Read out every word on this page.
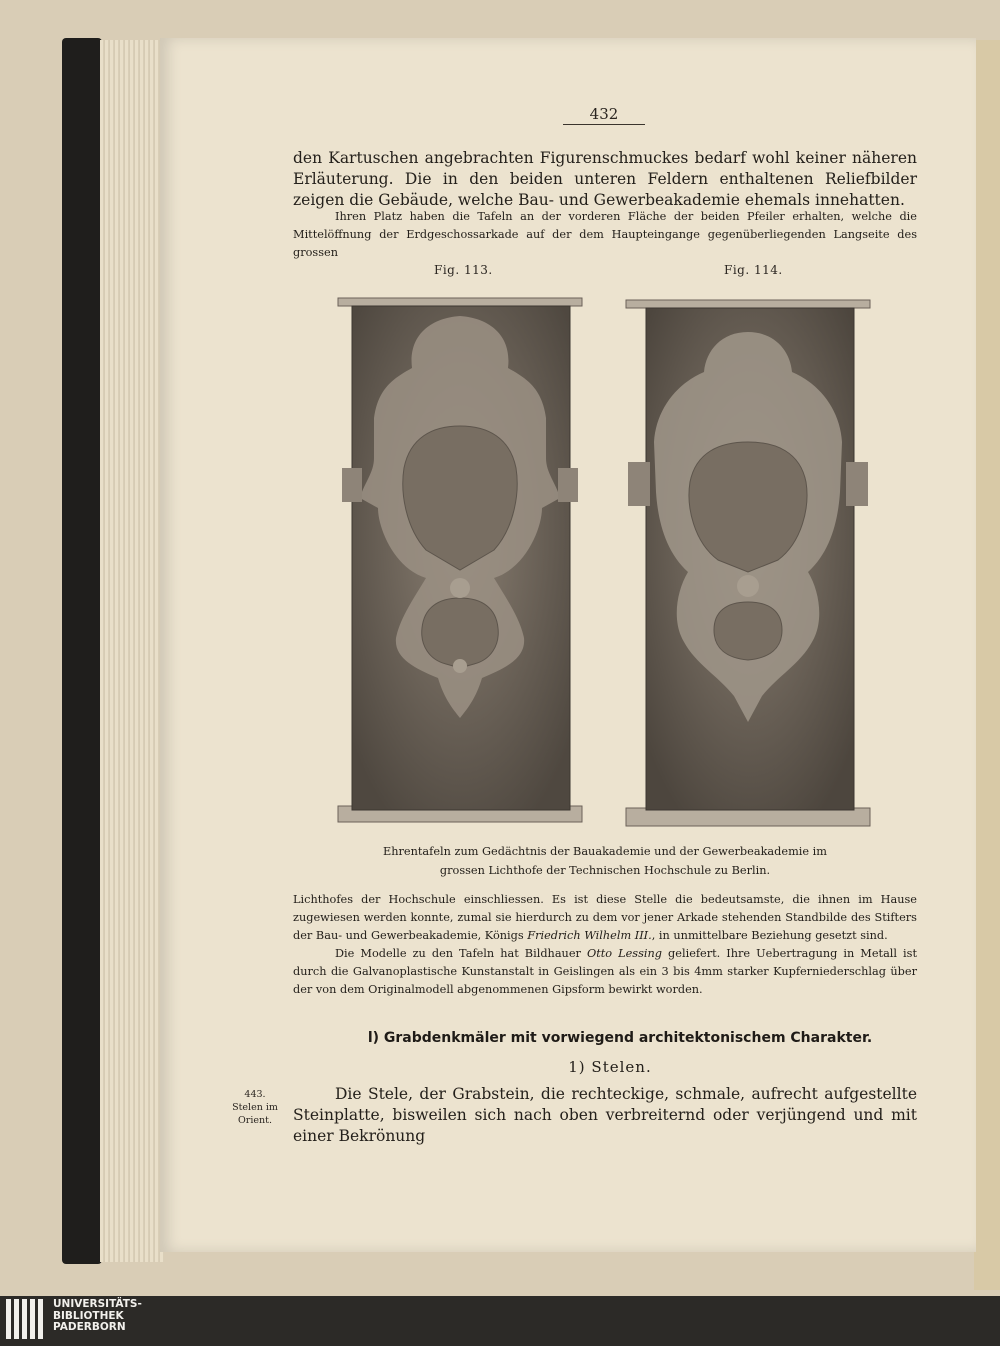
432
den Kartuschen angebrachten Figurenschmuckes bedarf wohl keiner näheren Erläuterung. Die in den beiden unteren Feldern enthaltenen Reliefbilder zeigen die Gebäude, welche Bau- und Gewerbeakademie ehemals innehatten.
Ihren Platz haben die Tafeln an der vorderen Fläche der beiden Pfeiler erhalten, welche die Mittelöffnung der Erdgeschossarkade auf der dem Haupteingange gegenüberliegenden Langseite des grossen
Fig. 113.	Fig. 114.
Ehrentafeln zum Gedächtnis der Bauakademie und der Gewerbeakademie im
grossen Lichthofe der Technischen Hochschule zu Berlin.
Lichthofes der Hochschule einschliessen. Es ist diese Stelle die bedeutsamste, die ihnen im Hause zugewiesen werden konnte, zumal sie hierdurch zu dem vor jener Arkade stehenden Standbilde des Stifters der Bau- und Gewerbeakademie, Königs Friedrich Wilhelm III., in unmittelbare Beziehung gesetzt sind.
Die Modelle zu den Tafeln hat Bildhauer Otto Lessing geliefert. Ihre Uebertragung in Metall ist durch die Galvanoplastische Kunstanstalt in Geislingen als ein 3 bis 4mm starker Kupferniederschlag über der von dem Originalmodell abgenommenen Gipsform bewirkt worden.
l) Grabdenkmäler mit vorwiegend architektonischem Charakter.
1) Stelen.
443.
Stelen im
Orient.
Die Stele, der Grabstein, die rechteckige, schmale, aufrecht aufgestellte Steinplatte, bisweilen sich nach oben verbreiternd oder verjüngend und mit einer Bekrönung
UNIVERSITÄTS-
BIBLIOTHEK
PADERBORN
